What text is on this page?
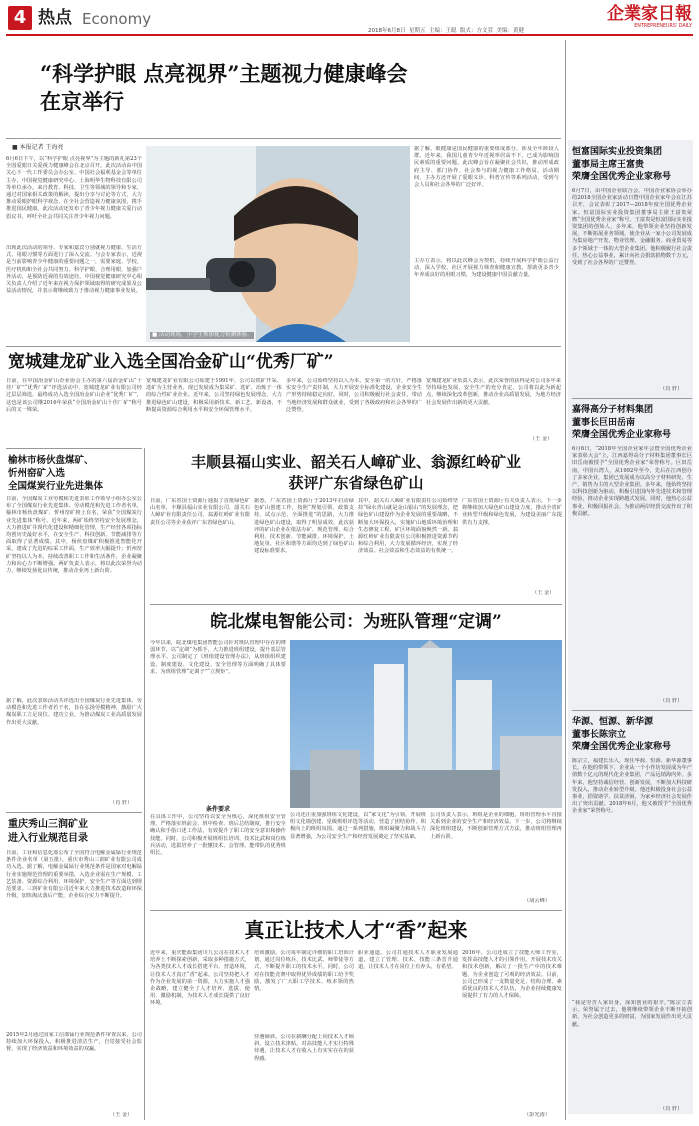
4 热点 Economy
2018年6月8日 星期五 主编：王聪 版式：方文萱 美编：黄健
企業家日報
ENTREPRENEURS' DAILY
“科学护眼 点亮视界”主题视力健康峰会
在京举行
■ 本报记者 王海亮
6月6日下午，以“科学护眼 点亮视界”为主题的新礼第23个全国爱眼日关爱视力健康峰会在北京召开。此次活动由中国关心下一代工作委员会办公室、中国社会福利基金会等单位主办，中国视觉健康研究中心、上海明华生物科技有限公司等单位承办。来自教育、科技、卫生等领域的领导和专家，通过对国家相关政策的解读，提出分享与讨论等方式，大力推动爱眼护眼科学观念，在全社会营造视力健康氛围，携手推进国民健康。此次活动还发布了青少年视力健康关爱行动倡议书，呼吁全社会共同关注青少年视力问题。
出席此次活动的领导、专家和嘉宾分别就视力健康、生活方式、用眼习惯等方面进行了深入交流。与会专家表示，近视是当前影响青少年健康的重要问题之一，需要家庭、学校、医疗机构和全社会共同努力。科学护眼、合理用眼、加强户外活动，是预防近视的有效途径。中国视觉健康研究中心相关负责人介绍了近年来在视力保护领域取得的研究成果及公益活动情况，并表示将继续致力于推动视力健康事业发展。
■ 活动现场，小学生参加视力检测体验。
据了解，眼健康是国民健康的重要组成部分，涉及全年龄段人群。近年来，我国儿童青少年近视率居高不下，已成为影响国民素质的重要问题。此次峰会旨在凝聚社会共识，推动形成政府主导、部门协作、社会参与的视力健康工作格局。活动期间，主办方还开展了爱眼义诊、科普宣传等系列活动，受到与会人员和社会各界的广泛好评。
主办方表示，将以此次峰会为契机，持续开展科学护眼公益行动，深入学校、社区开展视力筛查和健康宣教，帮助更多青少年养成良好的用眼习惯，为建设健康中国贡献力量。
宽城建龙矿业入选全国冶金矿山“优秀厂矿”
日前，在中国冶金矿山企业协会主办的第六届冶金矿山“十佳厂矿”“优秀厂矿”评选活动中，宽城建龙矿业有限公司经过层层筛选，最终成功入选全国冶金矿山企业“优秀厂矿”，这也是该公司继2016年荣获“全国冶金矿山十佳厂矿”称号后的又一殊荣。
宽城建龙矿业有限公司始建于1991年，公司以铁矿开采、选矿为主营业务，现已发展成为集采矿、选矿、冶炼于一体的综合性矿业企业。近年来，公司坚持绿色发展理念，大力推进绿色矿山建设，积极采用新技术、新工艺、新设备，不断提高资源综合利用水平和安全环保管理水平。
多年来，公司始终坚持以人为本、安全第一的方针，严格落实安全生产责任制，大力开展安全标准化建设，企业安全生产形势持续稳定向好。同时，公司积极履行社会责任，带动当地经济发展和群众就业，受到了各级政府和社会各界的广泛赞誉。
宽城建龙矿业负责人表示，此次荣誉的获得是对公司多年来坚持绿色发展、安全生产的充分肯定，公司将以此为新起点，继续深化改革创新，推动企业高质量发展，为地方经济社会发展作出新的更大贡献。
（王 金）
榆林市杨伙盘煤矿、
忻州窑矿入选
全国煤炭行业先进集体
日前，全国煤炭工业劳模和先进表彰工作领导小组办公室公布了全国煤炭行业先进集体、劳动模范和先进工作者名单，榆林市杨伙盘煤矿、忻州窑矿榜上有名，荣获“全国煤炭行业先进集体”称号。近年来，两矿始终坚持安全发展理念，大力推进矿井现代化建设和精细化管理，生产经营各项指标均创历史最好水平，在安全生产、科技创新、节能减排等方面取得了显著成绩。其中，杨伙盘煤矿积极推进智能化开采，建成了先进的综采工作面，生产效率大幅提升；忻州窑矿坚持以人为本，持续改善职工工作和生活条件，企业凝聚力和向心力不断增强。两矿负责人表示，将以此次荣誉为动力，继续发扬优良传统，推动企业再上新台阶。
据了解，此次表彰活动共评选出全国煤炭行业先进集体、劳动模范和先进工作者若干名，旨在弘扬劳模精神，激励广大煤炭职工立足岗位、建功立业，为推动煤炭工业高质量发展作出更大贡献。
（肖 轩）
重庆秀山三润矿业
进入行业规范目录
日前，工业和信息化部公布了全国符合电解金属锰行业规范条件企业名单（第五批），重庆市秀山三润矿业有限公司成功入选。据了解，电解金属锰行业规范条件是国家对电解锰行业实施规范管理的重要举措，入选企业需在生产规模、工艺装备、资源综合利用、环境保护、安全生产等方面达到规范要求。三润矿业有限公司近年来大力推进技术改造和环保升级，加快淘汰落后产能，企业综合实力不断提升。
2015年2月通过国家工信部锰行业规范条件审查以来，公司持续加大环保投入，积极推进清洁生产，自觉接受社会监督，实现了经济效益和环境效益的双赢。
（王 金）
丰顺县福山实业、韶关石人嶂矿业、翁源红岭矿业
获评广东省绿色矿山
日前，广东省国土资源厅通报了首批绿色矿山名单，丰顺县福山实业有限公司、韶关石人嶂矿业有限责任公司、翁源红岭矿业有限责任公司等企业获评广东省绿色矿山。
据悉，广东省国土资源厅于2013年启动绿色矿山创建工作，按照“规划引领、政策支持、试点示范、全面推进”的思路，大力推进绿色矿山建设，取得了明显成效。此次获评的矿山企业在依法办矿、规范管理、综合利用、技术创新、节能减排、环境保护、土地复垦、社区和谐等方面均达到了绿色矿山建设标准要求。
其中，韶关石人嶂矿业有限责任公司始终坚持“绿水青山就是金山银山”的发展理念，把绿色矿山建设作为企业发展的重要战略，不断加大环保投入，实施矿山地质环境治理和生态修复工程，矿区环境面貌焕然一新。翁源红岭矿业有限责任公司积极推进资源节约和综合利用，大力发展循环经济，实现了经济效益、社会效益和生态效益的有机统一。
广东省国土资源厅有关负责人表示，下一步将继续加大绿色矿山建设力度，推动全省矿业转型升级和绿色发展，为建设美丽广东提供有力支撑。
（王 金）
皖北煤电智能公司：为班队管理“定调”
今年以来，皖北煤电集团智能公司针对班队管理中存在的薄弱环节，以“定调”为抓手，大力推进班组建设，提升基层管理水平。公司制定了《班组建设管理办法》，从班组组织建设、制度建设、文化建设、安全管理等方面明确了具体要求，为班组管理“定调子”“立规矩”。
在具体工作中，公司坚持以安全为核心，深化班组安全管理，严格落实班前会、班中检查、班后总结制度，推行安全确认和手指口述工作法，有效提升了职工的安全意识和操作技能。同时，公司积极开展班组长培训、技术比武和岗位练兵活动，选拔培养了一批懂技术、会管理、能带队的优秀班组长。
条件要求
公司还注重加强班组文化建设，以“家文化”为引领，开展班组文化墙创建、星级班组评选等活动，营造了团结协作、积极向上的班组氛围。通过一系列措施，班组凝聚力和战斗力显著增强，为公司安全生产和经营发展奠定了坚实基础。
公司负责人表示，班组是企业的细胞，班组管理水平直接关系到企业的安全生产和经济效益。下一步，公司将继续深化班组建设，不断创新管理方式方法，推动班组管理再上新台阶。
（胡云峰）
真正让技术人才“香”起来
近年来，重庆能源集团川九公司在技术人才培养上不断探索创新，采取多种措施方式，为各类技术人才成长搭建平台、营造环境，让技术人才真正“香”起来。公司坚持把人才作为企业发展的第一资源，大力实施人才强企战略，建立健全了人才培养、选拔、使用、激励机制，为技术人才成长提供了良好环境。
培训激励。公司每年制定详细的职工培训计划，通过岗位练兵、技术比武、师带徒等方式，不断提升职工的技术水平。同时，公司对在技能竞赛中取得优异成绩的职工给予奖励，激发了广大职工学技术、练本领的热情。
待遇倾斜。公司在薪酬分配上向技术人才倾斜，设立技术津贴，对高技能人才实行特殊待遇，让技术人才在收入上有实实在在的获得感。
职业通道。公司打通技术人才职业发展通道，建立了管理、技术、技能三条晋升通道，让技术人才在岗位上有奔头、有希望。
2016年，公司还成立了技能大师工作室，发挥高技能人才的引领作用，开展技术攻关和技术创新，解决了一批生产中的技术难题，为企业创造了可观的经济效益。目前，公司已形成了一支数量充足、结构合理、素质优良的技术人才队伍，为企业持续健康发展提供了有力的人才保障。
（彭光涛）
恒富国际实业投资集团
董事局主席王富贵
荣膺全国优秀企业家称号
6月7日，由中国企业联合会、中国企业家协会举办的2018全国企业家活动日暨中国企业家年会在江苏召开，会议表彰了2017—2018年度全国优秀企业家。恒富国际实业投资集团董事局主席王富贵荣膺“全国优秀企业家”称号。王富贵是恒富国际实业投资集团的创始人，多年来，他带领企业坚持创新发展，不断拓展业务领域，使企业从一家小公司发展成为集房地产开发、物业管理、金融服务、商业贸易等多个领域于一体的大型企业集团。他积极履行社会责任，热心公益事业，累计向社会捐款捐物数千万元，受到了社会各界的广泛赞誉。
（肖 轩）
嘉得高分子材料集团
董事长巨田岳南
荣膺全国优秀企业家称号
6月6日，“2018年全国企业家年会暨全国优秀企业家表彰大会”上，江西嘉得高分子材料集团董事长巨田岳南被授予“全国优秀企业家”荣誉称号。巨田岳南，中国台湾人，从1992年至今，先后在江西创办了多家企业，集团已发展成为以高分子材料研发、生产、销售为主的大型企业集团。多年来，他始终坚持以科技创新为驱动，积极引进国内外先进技术和管理经验，推动企业实现跨越式发展。同时，他热心公益事业，积极回报社会，为推动两岸经贸交流作出了积极贡献。
（肖 轩）
华源、恒源、新华源
董事长陈宗立
荣膺全国优秀企业家称号
陈宗立，福建长乐人，现任华源、恒源、新华源董事长。在他的带领下，企业从一个小作坊发展成为年产值数十亿元的现代化企业集团，产品远销海内外。多年来，他坚持诚信经营、创新发展，不断加大科技研发投入，推动企业转型升级。他还积极投身社会公益事业，捐资助学、扶贫济困，为家乡经济社会发展作出了突出贡献。2018年6月，他又被授予“全国优秀企业家”荣誉称号。
“我是穷苦人家出身，深知创业的艰辛。”陈宗立表示，荣誉属于过去，他将继续带领企业不断开拓创新，为社会创造更多的财富，为国家发展作出更大贡献。
（肖 轩）
